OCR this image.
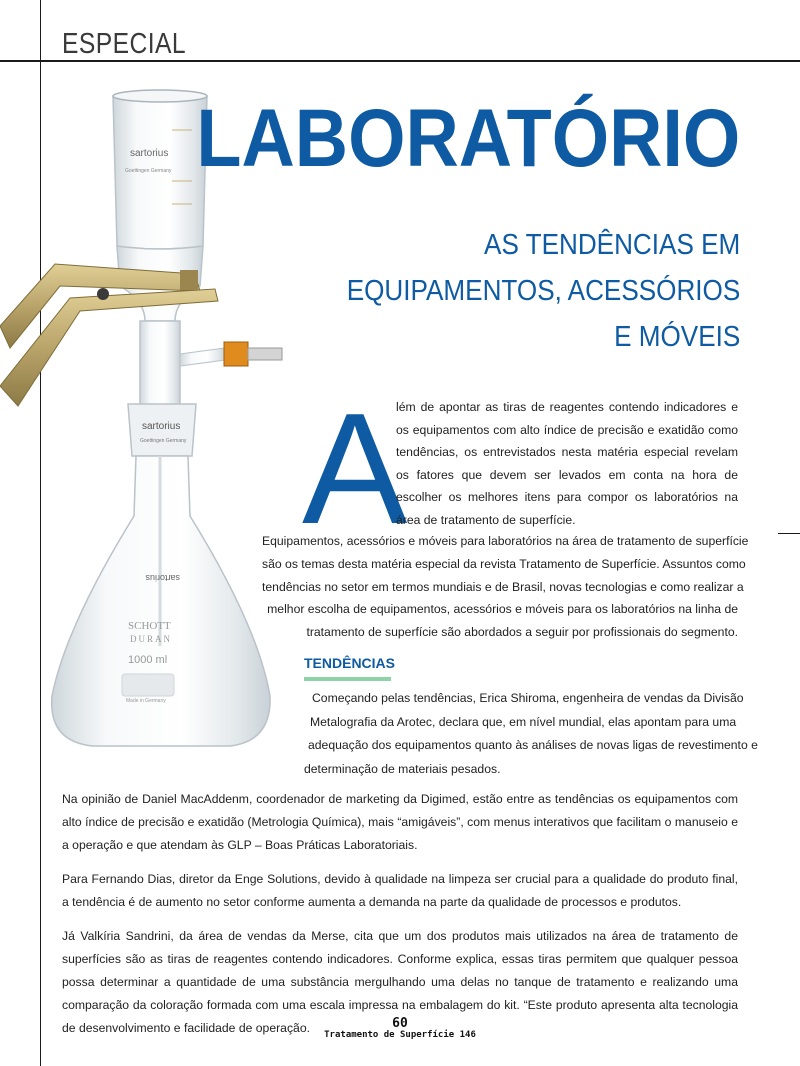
ESPECIAL
sartorius
Goettingen Germany
sartorius
Goettingen Germany
sartorius
SCHOTT
DURAN
1000 ml
Made in Germany
LABORATÓRIO
AS TENDÊNCIAS EM
EQUIPAMENTOS, ACESSÓRIOS
E MÓVEIS
A
lém de apontar as tiras de reagentes contendo indicadores e os equipamentos com alto índice de precisão e exatidão como tendências, os entrevistados nesta matéria especial revelam os fatores que devem ser levados em conta na hora de escolher os melhores itens para compor os laboratórios na área de tratamento de superfície.
Equipamentos, acessórios e móveis para laboratórios na área de tratamento de superfície
são os temas desta matéria especial da revista Tratamento de Superfície. Assuntos como
tendências no setor em termos mundiais e de Brasil, novas tecnologias e como realizar a
melhor escolha de equipamentos, acessórios e móveis para os laboratórios na linha de
tratamento de superfície são abordados a seguir por profissionais do segmento.
TENDÊNCIAS
Começando pelas tendências, Erica Shiroma, engenheira de vendas da Divisão
Metalografia da Arotec, declara que, em nível mundial, elas apontam para uma
adequação dos equipamentos quanto às análises de novas ligas de revestimento e
determinação de materiais pesados.

Na opinião de Daniel MacAddenm, coordenador de marketing da Digimed, estão entre as tendências os equipamentos com alto índice de precisão e exatidão (Metrologia Química), mais “amigáveis”, com menus interativos que facilitam o manuseio e a operação e que atendam às GLP – Boas Práticas Laboratoriais.

Para Fernando Dias, diretor da Enge Solutions, devido à qualidade na limpeza ser crucial para a qualidade do produto final, a tendência é de aumento no setor conforme aumenta a demanda na parte da qualidade de processos e produtos.

Já Valkíria Sandrini, da área de vendas da Merse, cita que um dos produtos mais utilizados na área de tratamento de superfícies são as tiras de reagentes contendo indicadores. Conforme explica, essas tiras permitem que qualquer pessoa possa determinar a quantidade de uma substância mergulhando uma delas no tanque de tratamento e realizando uma comparação da coloração formada com uma escala impressa na embalagem do kit. “Este produto apresenta alta tecnologia de desenvolvimento e facilidade de operação.	60
Tratamento de Superfície 146
